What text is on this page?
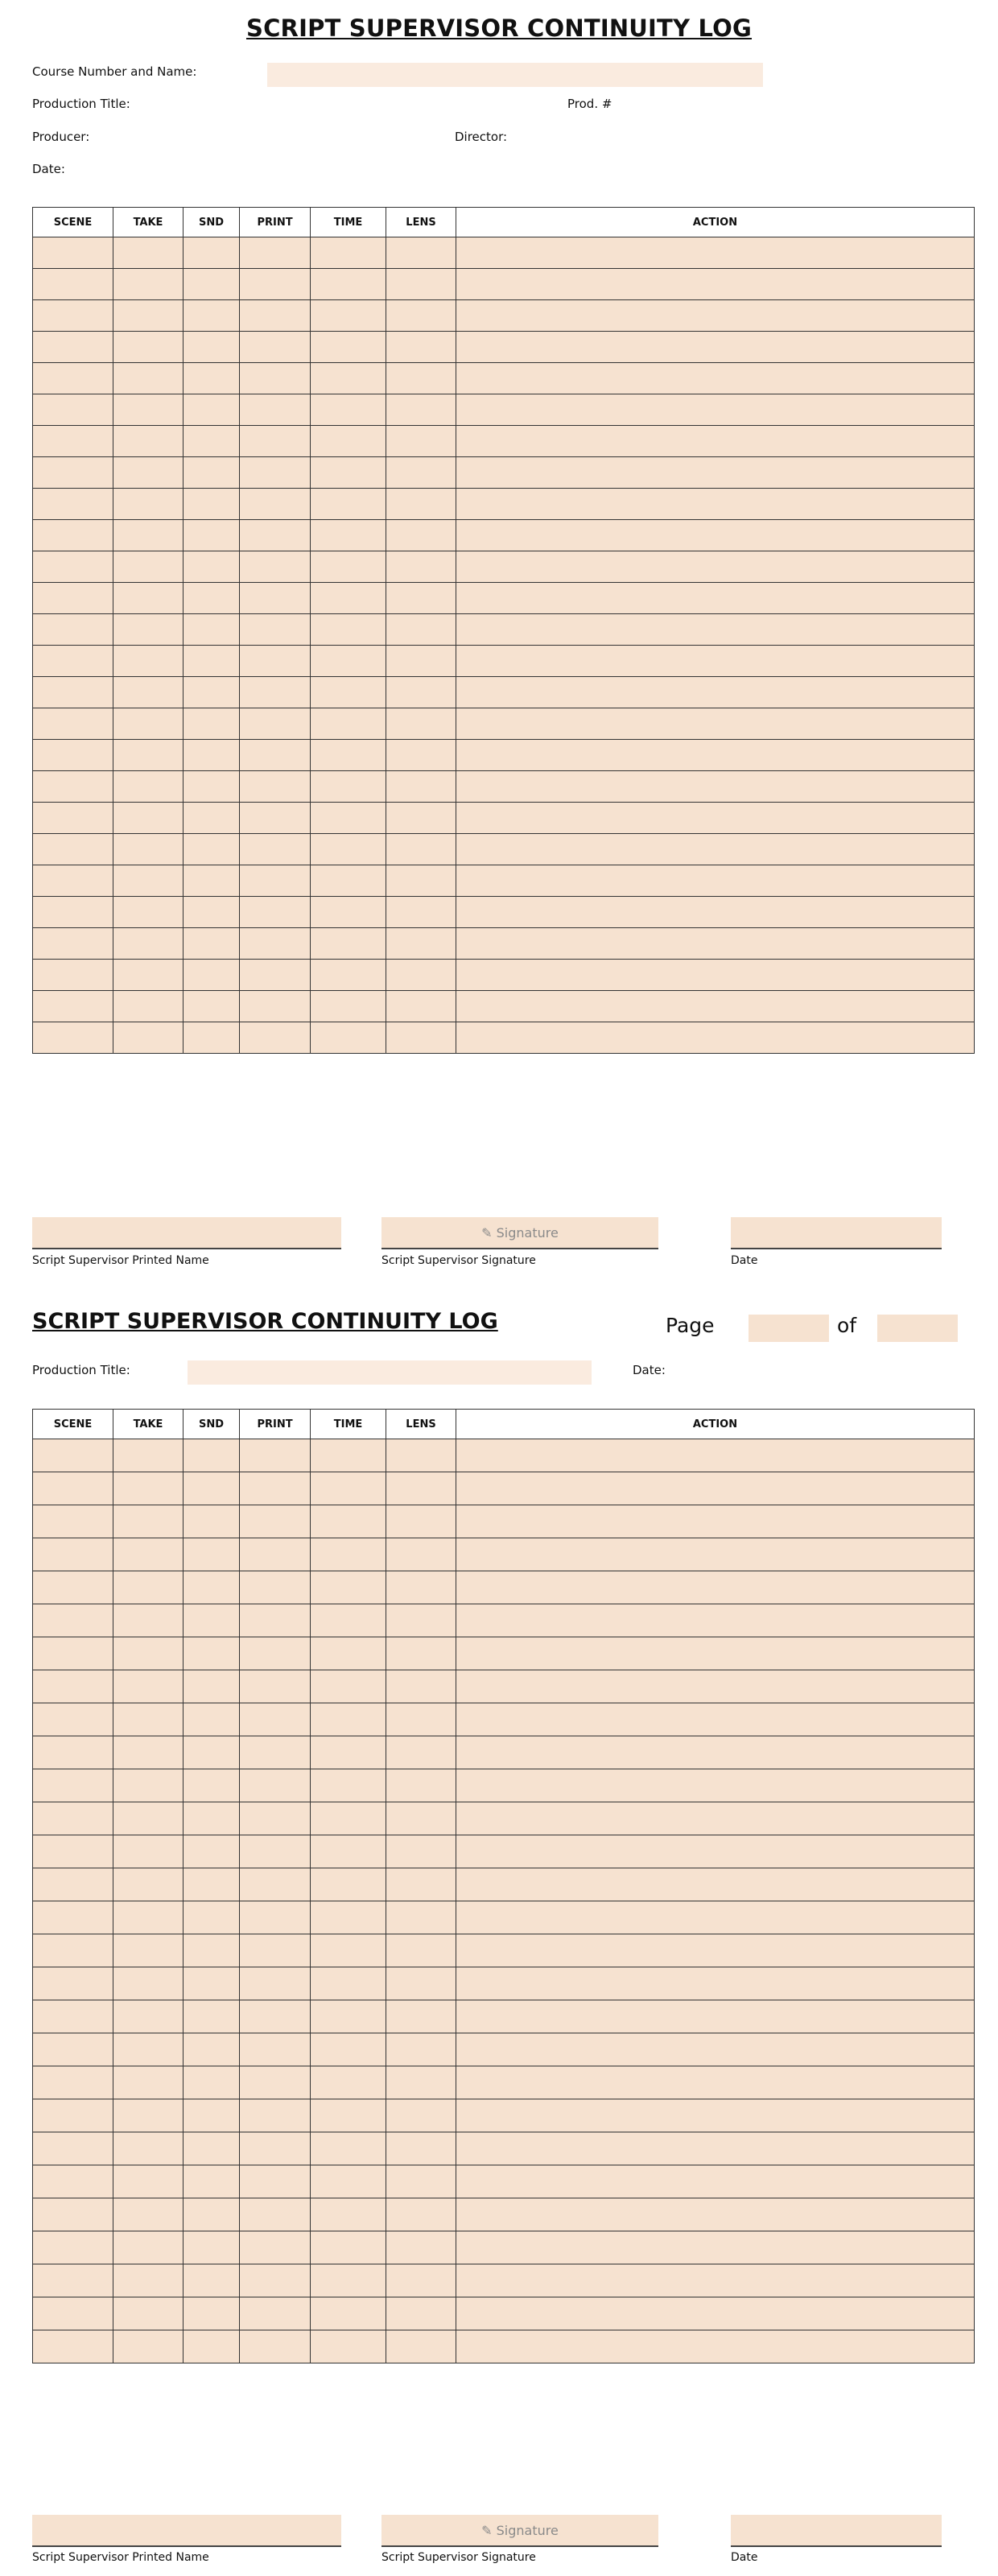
SCRIPT SUPERVISOR CONTINUITY LOG
Course Number and Name:
Production Title:	Prod. #
Producer:	Director:
Date:
SCENE	TAKE	SND	PRINT	TIME	LENS	ACTION

✎ Signature
Script Supervisor Printed Name	Script Supervisor Signature	Date
SCRIPT SUPERVISOR CONTINUITY LOG	Page	of
Production Title:	Date:
SCENE	TAKE	SND	PRINT	TIME	LENS	ACTION

✎ Signature
Script Supervisor Printed Name	Script Supervisor Signature	Date
